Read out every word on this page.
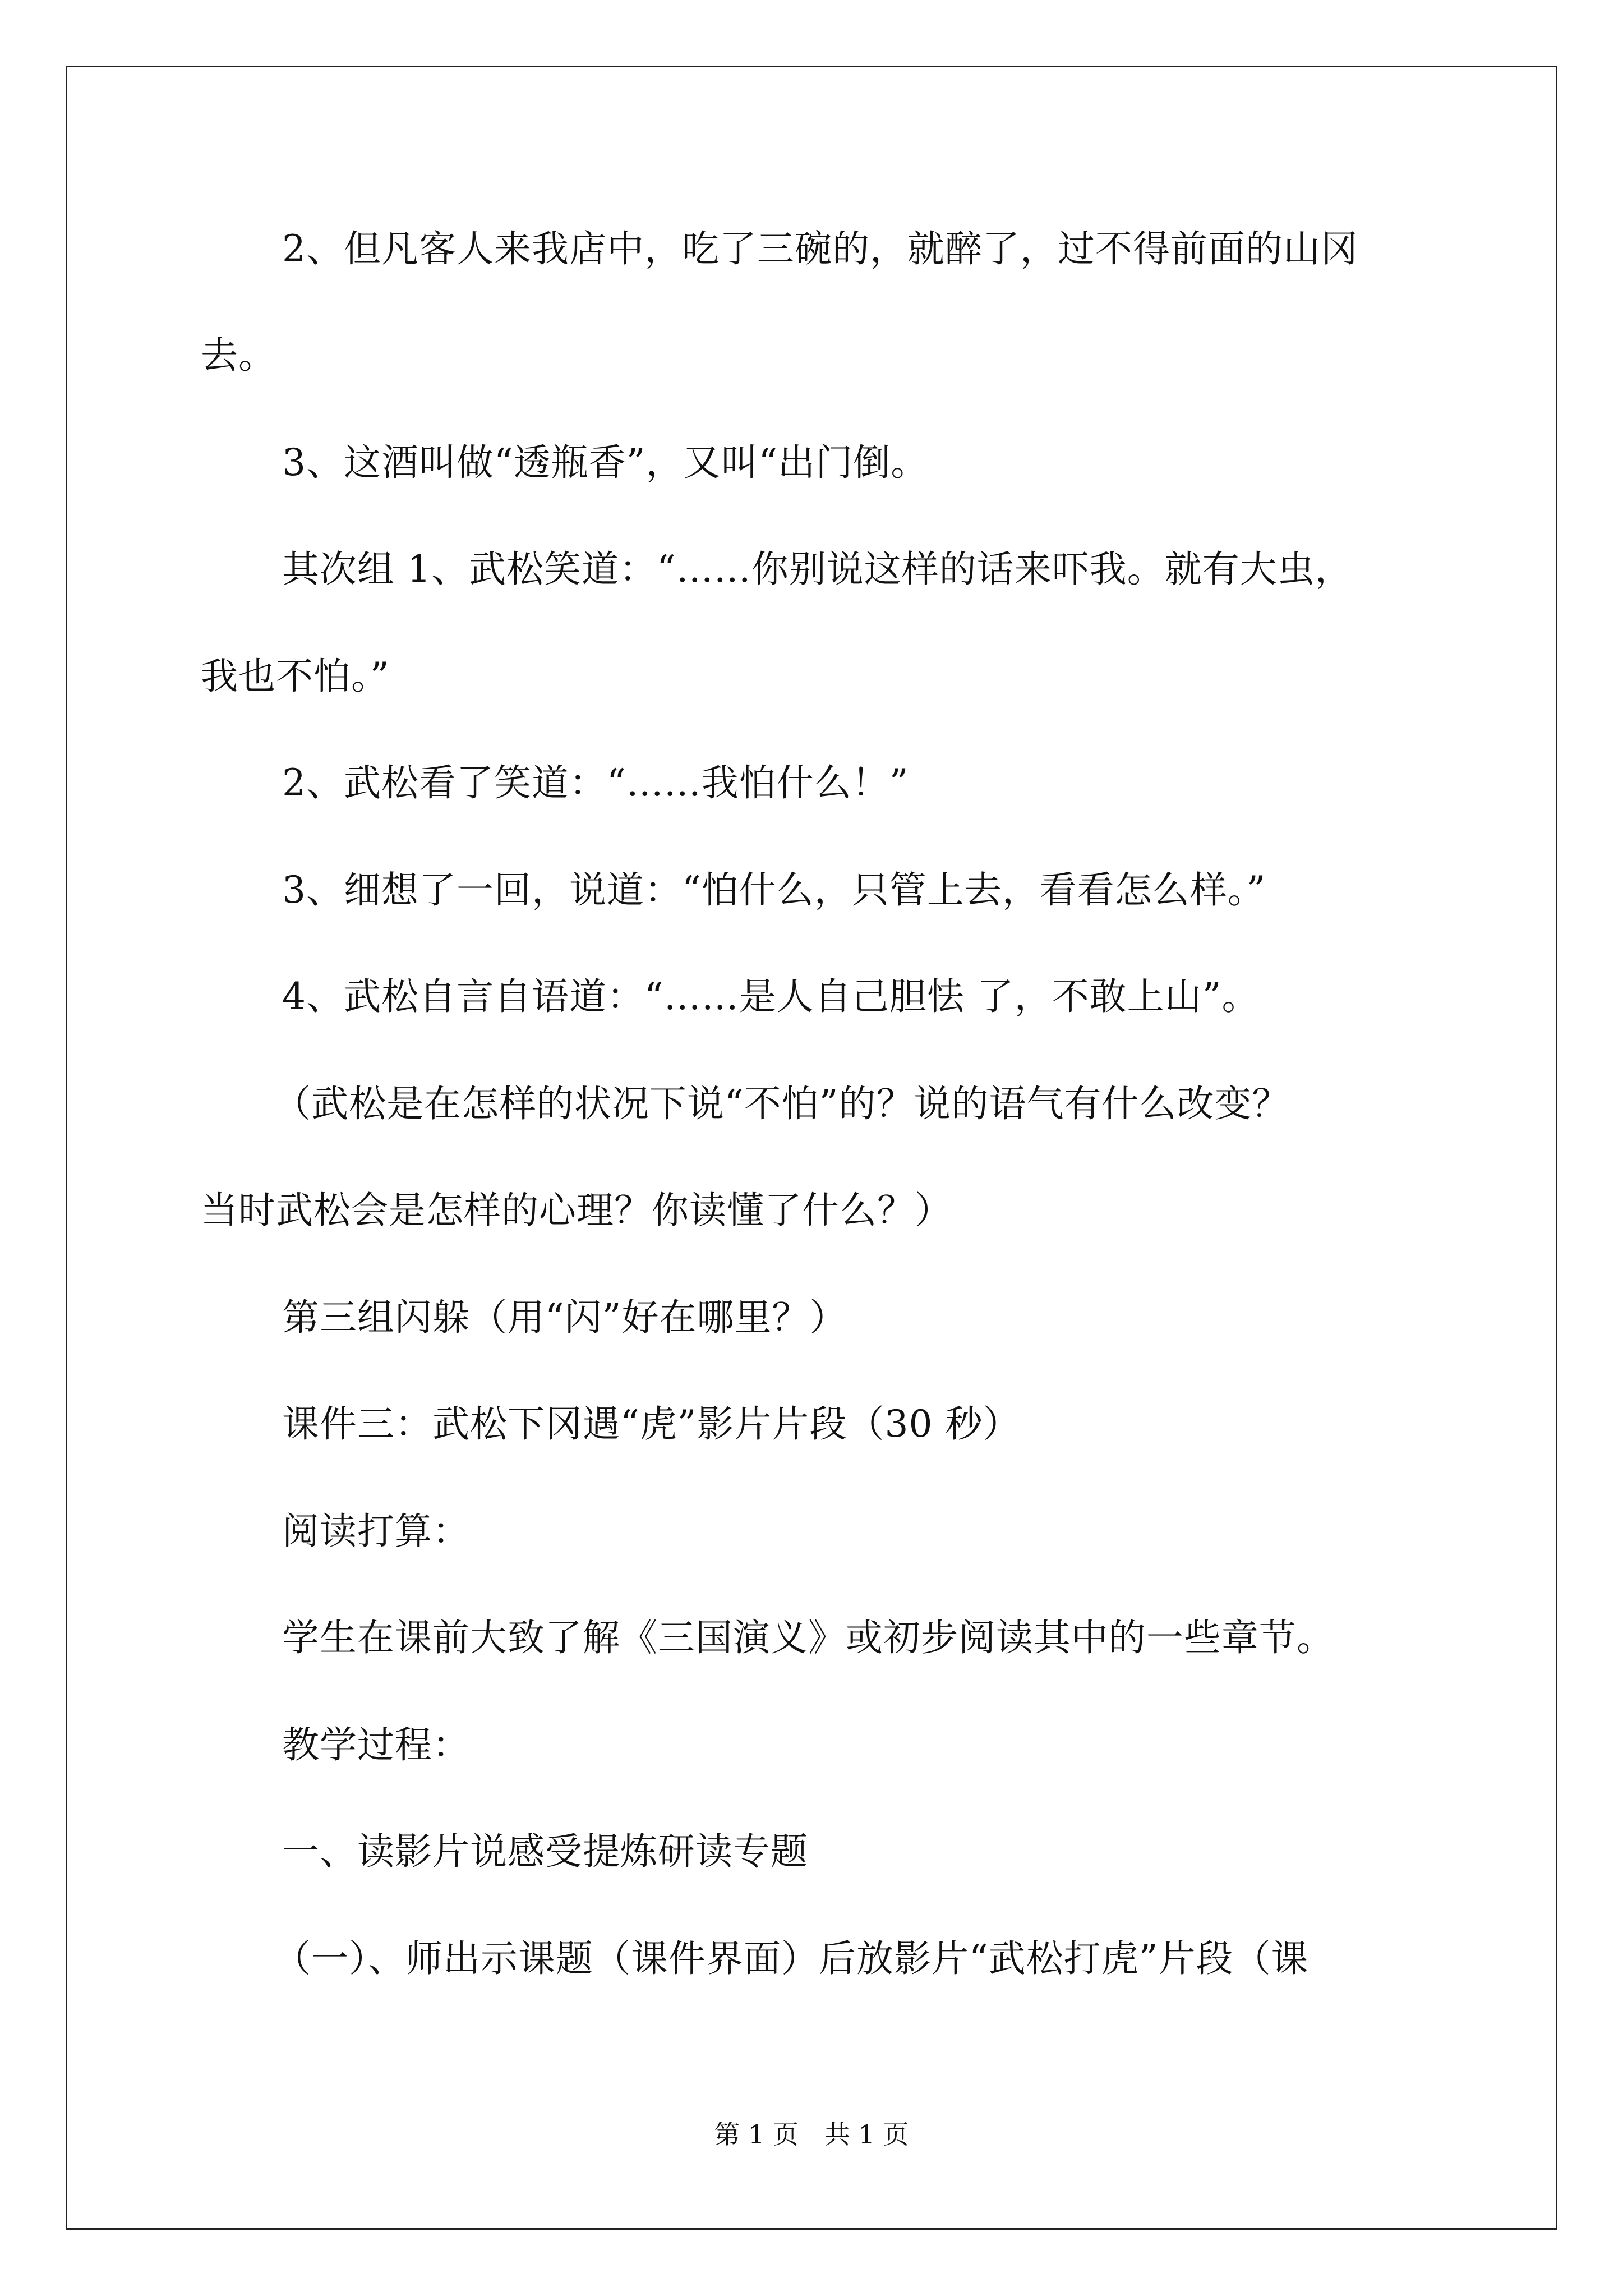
2、但凡客人来我店中，吃了三碗的，就醉了，过不得前面的山冈
去。
3、这酒叫做“透瓶香”，又叫“出门倒。
其次组 1、武松笑道：“……你别说这样的话来吓我。就有大虫，
我也不怕。”
2、武松看了笑道：“……我怕什么！”
3、细想了一回，说道：“怕什么，只管上去，看看怎么样。”
4、武松自言自语道：“……是人自己胆怯 了，不敢上山”。
（武松是在怎样的状况下说“不怕”的？说的语气有什么改变？
当时武松会是怎样的心理？你读懂了什么？）
第三组闪躲（用“闪”好在哪里？）
课件三：武松下冈遇“虎”影片片段（30 秒）
阅读打算：
学生在课前大致了解《三国演义》或初步阅读其中的一些章节。
教学过程：
一、读影片说感受提炼研读专题
（一）、师出示课题（课件界面）后放影片“武松打虎”片段（课
第 1 页　共 1 页
